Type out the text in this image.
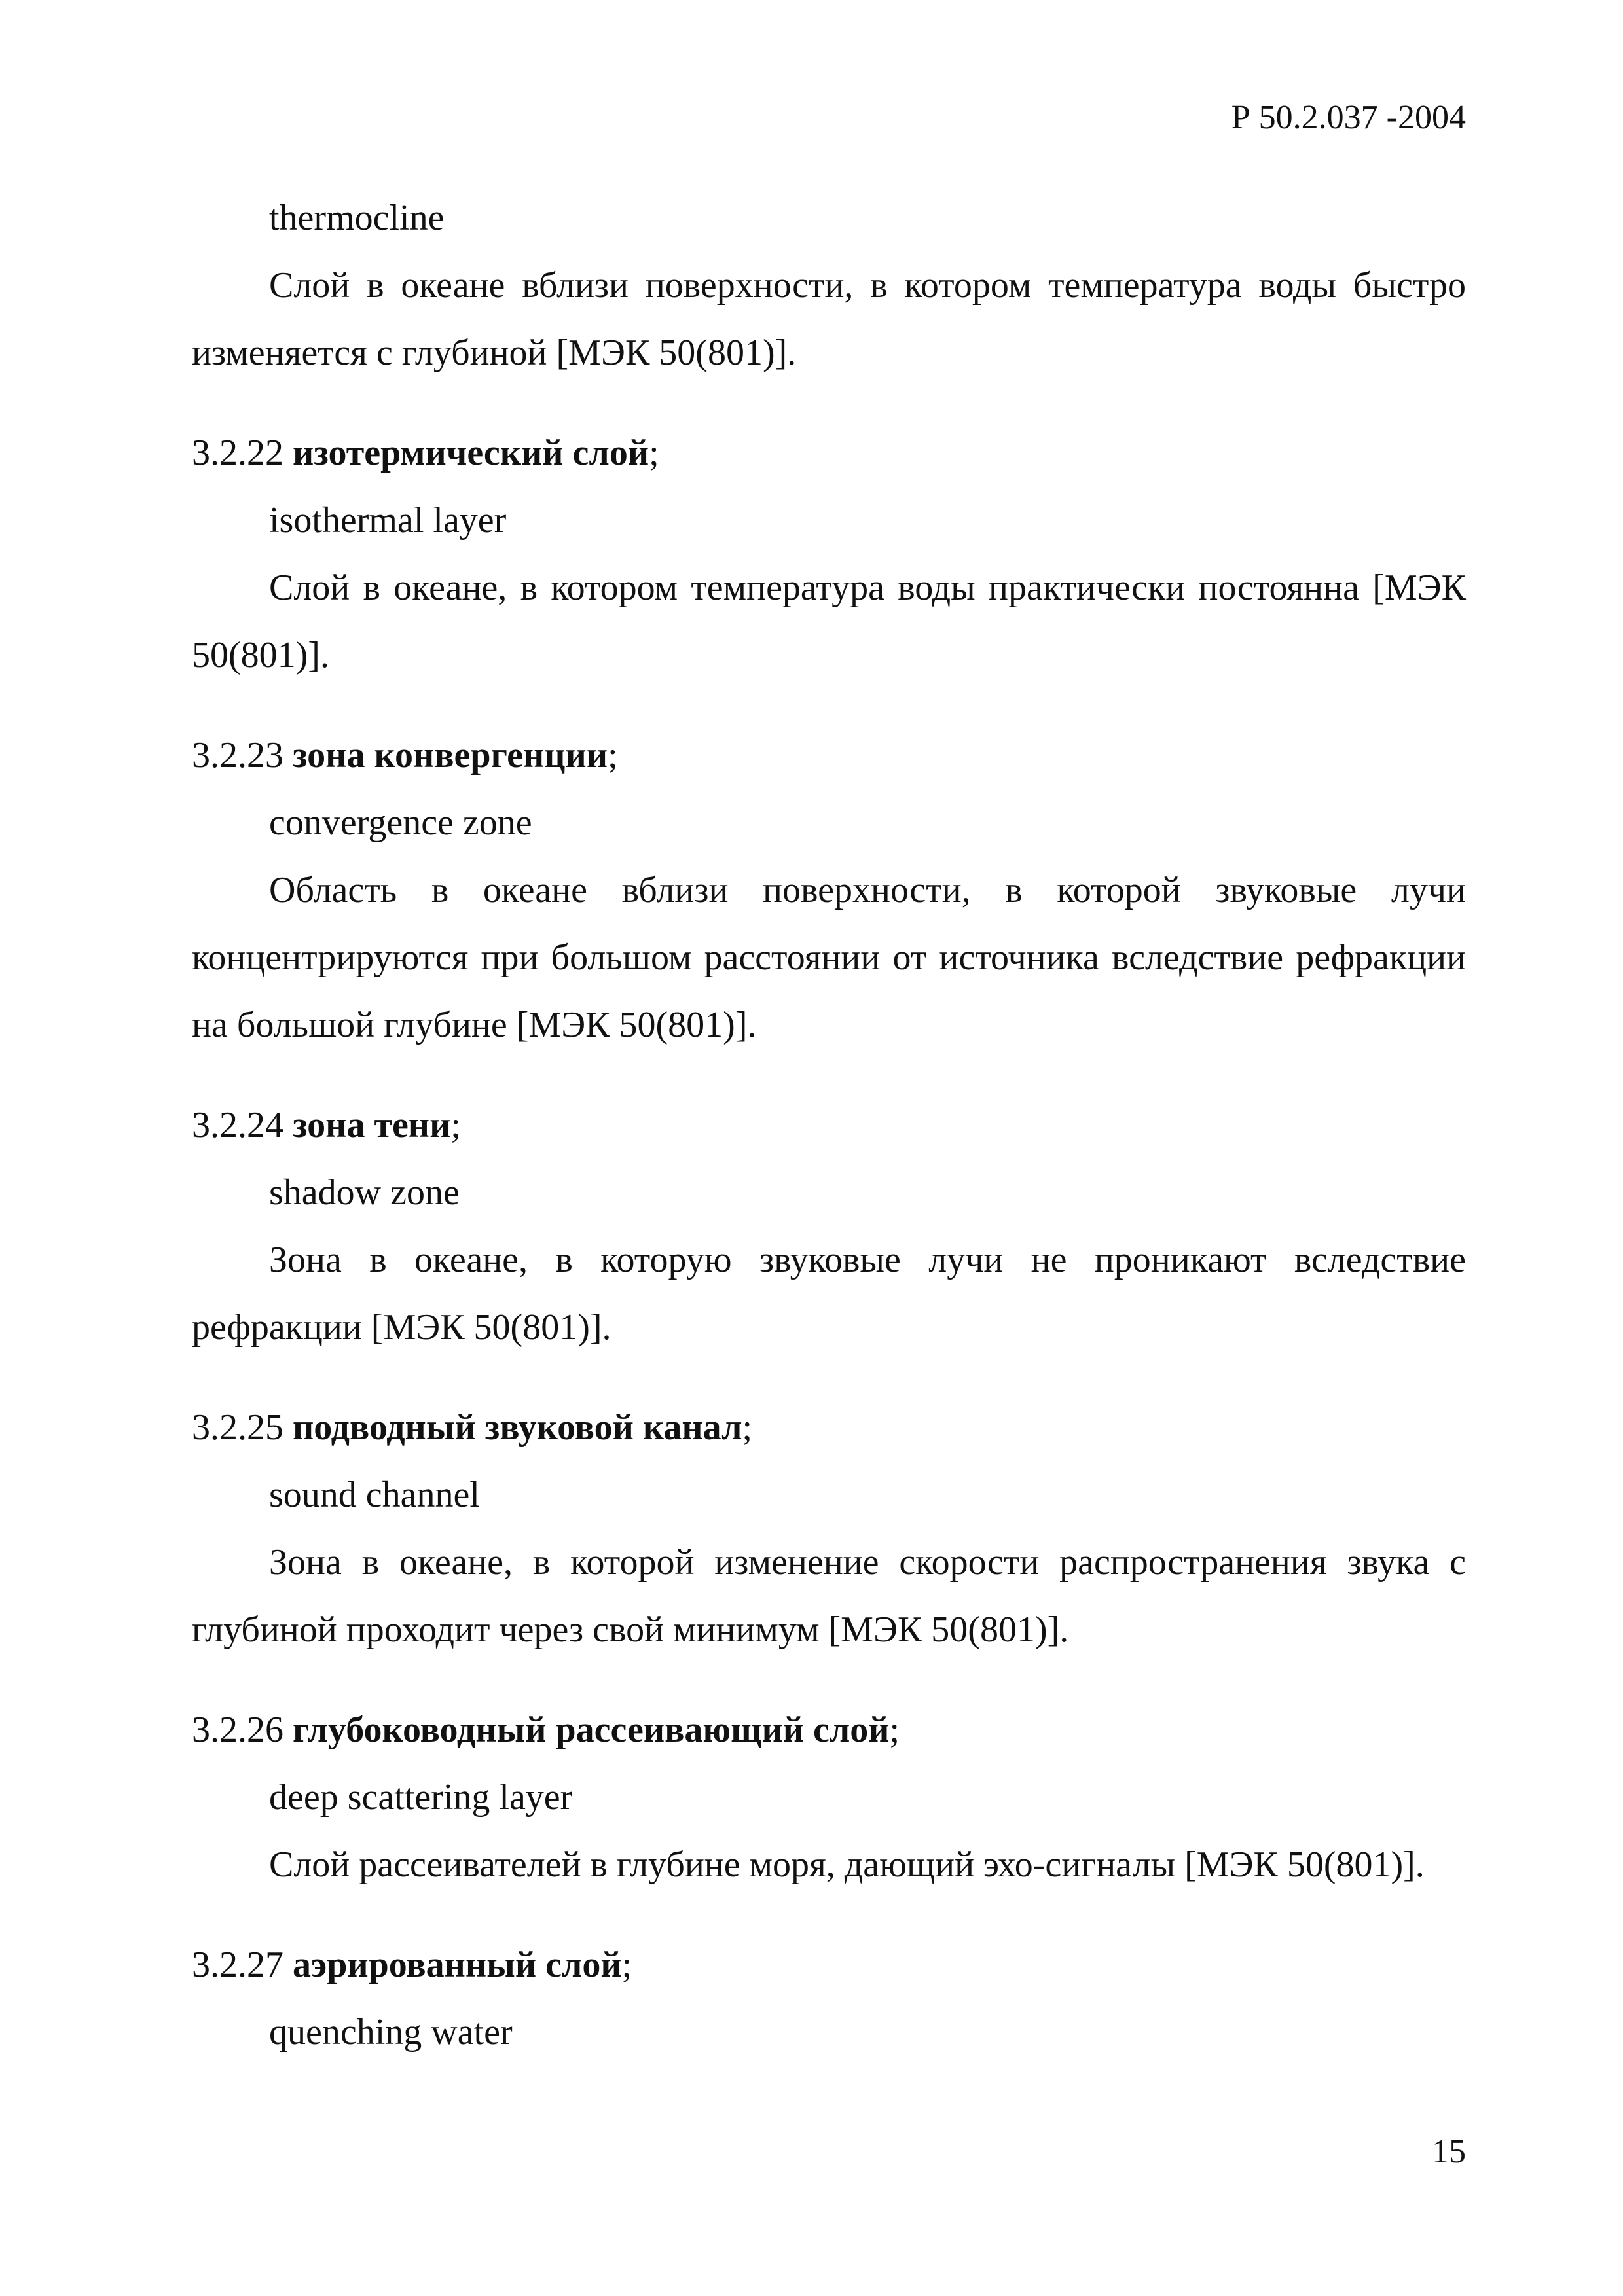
Р 50.2.037 -2004

thermocline

Слой в океане вблизи поверхности, в котором температура воды быстро изменяется с глубиной [МЭК 50(801)].

3.2.22 изотермический слой;

isothermal layer

Слой в океане, в котором температура воды практически постоянна [МЭК 50(801)].

3.2.23 зона конвергенции;

convergence zone

Область в океане вблизи поверхности, в которой звуковые лучи концентрируются при большом расстоянии от источника вследствие рефракции на большой глубине [МЭК 50(801)].

3.2.24 зона тени;

shadow zone

Зона в океане, в которую звуковые лучи не проникают вследствие рефракции [МЭК 50(801)].

3.2.25 подводный звуковой канал;

sound channel

Зона в океане, в которой изменение скорости распространения звука с глубиной проходит через свой минимум [МЭК 50(801)].

3.2.26 глубоководный рассеивающий слой;

deep scattering layer

Слой рассеивателей в глубине моря, дающий эхо-сигналы [МЭК 50(801)].

3.2.27 аэрированный слой;

quenching water

15
